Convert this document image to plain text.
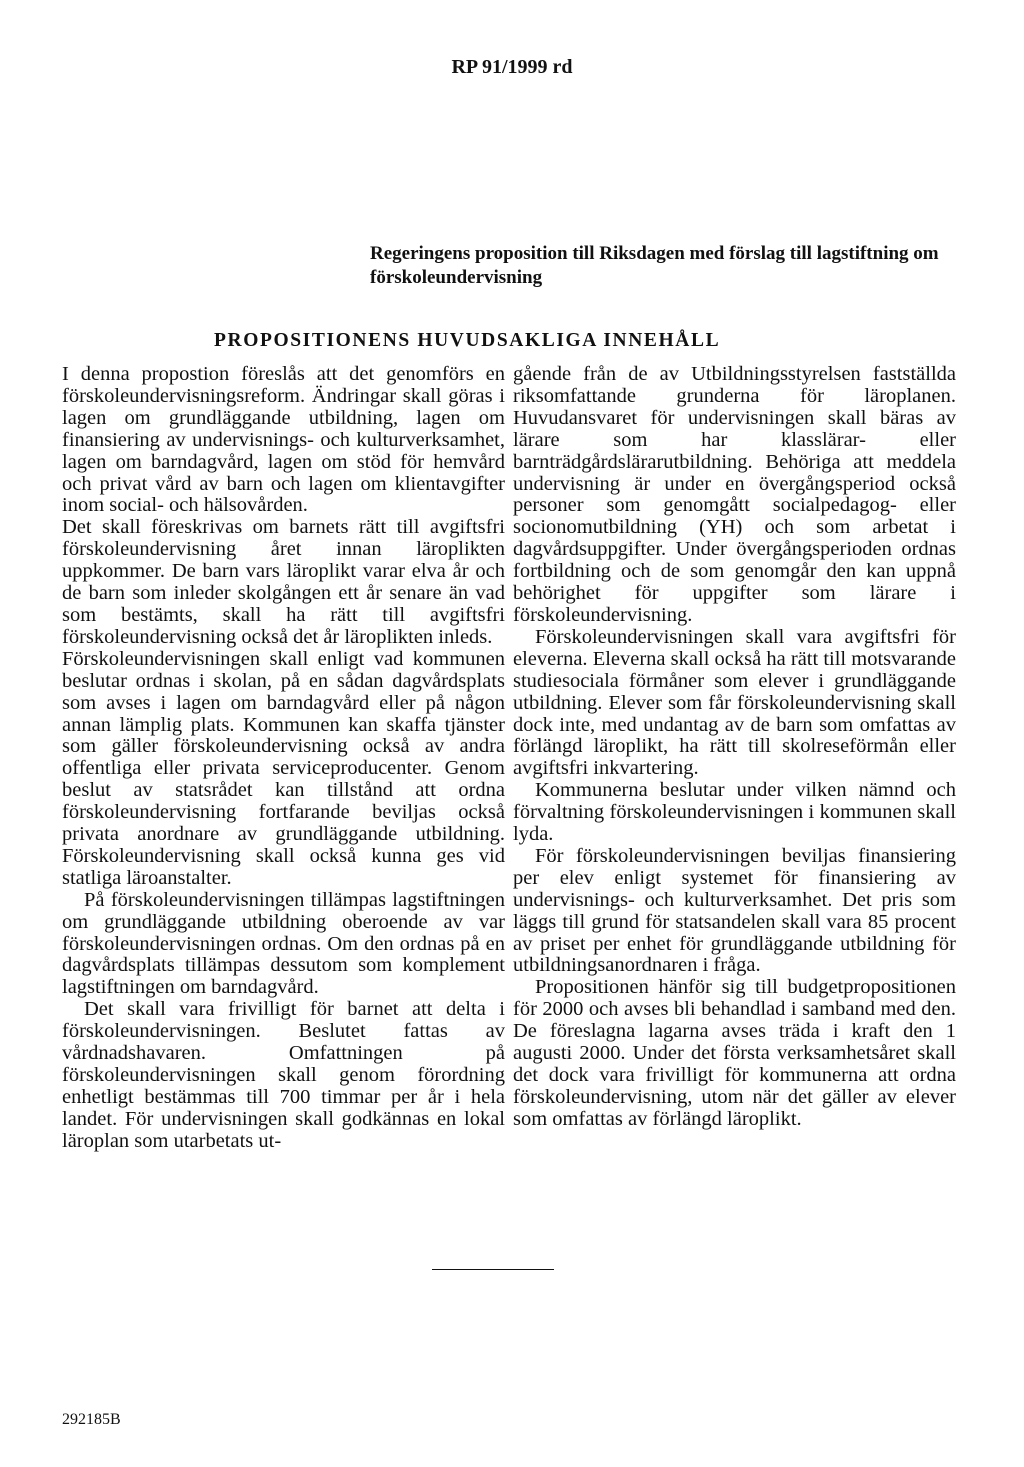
RP 91/1999 rd
Regeringens proposition till Riksdagen med förslag till lagstiftning om förskoleundervisning
PROPOSITIONENS HUVUDSAKLIGA INNEHÅLL

I denna propostion föreslås att det genomförs en förskoleundervisningsreform. Ändringar skall göras i lagen om grundläggande utbildning, lagen om finansiering av undervisnings- och kulturverksamhet, lagen om barndagvård, lagen om stöd för hemvård och privat vård av barn och lagen om klientavgifter inom social- och hälsovården.

Det skall föreskrivas om barnets rätt till avgiftsfri förskoleundervisning året innan läroplikten uppkommer. De barn vars läroplikt varar elva år och de barn som inleder skolgången ett år senare än vad som bestämts, skall ha rätt till avgiftsfri förskoleundervisning också det år läroplikten inleds.

Förskoleundervisningen skall enligt vad kommunen beslutar ordnas i skolan, på en sådan dagvårdsplats som avses i lagen om barndagvård eller på någon annan lämplig plats. Kommunen kan skaffa tjänster som gäller förskoleundervisning också av andra offentliga eller privata serviceproducenter. Genom beslut av statsrådet kan tillstånd att ordna förskoleundervisning fortfarande beviljas också privata anordnare av grundläggande utbildning. Förskoleundervisning skall också kunna ges vid statliga läroanstalter.

På förskoleundervisningen tillämpas lagstiftningen om grundläggande utbildning oberoende av var förskoleundervisningen ordnas. Om den ordnas på en dagvårdsplats tillämpas dessutom som komplement lagstiftningen om barndagvård.

Det skall vara frivilligt för barnet att delta i förskoleundervisningen. Beslutet fattas av vårdnadshavaren. Omfattningen på förskoleundervisningen skall genom förordning enhetligt bestämmas till 700 timmar per år i hela landet. För undervisningen skall godkännas en lokal läroplan som utarbetats ut-

gående från de av Utbildningsstyrelsen fastställda riksomfattande grunderna för läroplanen. Huvudansvaret för undervisningen skall bäras av lärare som har klasslärar- eller barnträdgårdslärarutbildning. Behöriga att meddela undervisning är under en övergångsperiod också personer som genomgått socialpedagog- eller socionomutbildning (YH) och som arbetat i dagvårdsuppgifter. Under övergångsperioden ordnas fortbildning och de som genomgår den kan uppnå behörighet för uppgifter som lärare i förskoleundervisning.

Förskoleundervisningen skall vara avgiftsfri för eleverna. Eleverna skall också ha rätt till motsvarande studiesociala förmåner som elever i grundläggande utbildning. Elever som får förskoleundervisning skall dock inte, med undantag av de barn som omfattas av förlängd läroplikt, ha rätt till skolreseförmån eller avgiftsfri inkvartering.

Kommunerna beslutar under vilken nämnd och förvaltning förskoleundervisningen i kommunen skall lyda.

För förskoleundervisningen beviljas finansiering per elev enligt systemet för finansiering av undervisnings- och kulturverksamhet. Det pris som läggs till grund för statsandelen skall vara 85 procent av priset per enhet för grundläggande utbildning för utbildningsanordnaren i fråga.

Propositionen hänför sig till budgetpropositionen för 2000 och avses bli behandlad i samband med den. De föreslagna lagarna avses träda i kraft den 1 augusti 2000. Under det första verksamhetsåret skall det dock vara frivilligt för kommunerna att ordna förskoleundervisning, utom när det gäller av elever som omfattas av förlängd läroplikt.

292185B
